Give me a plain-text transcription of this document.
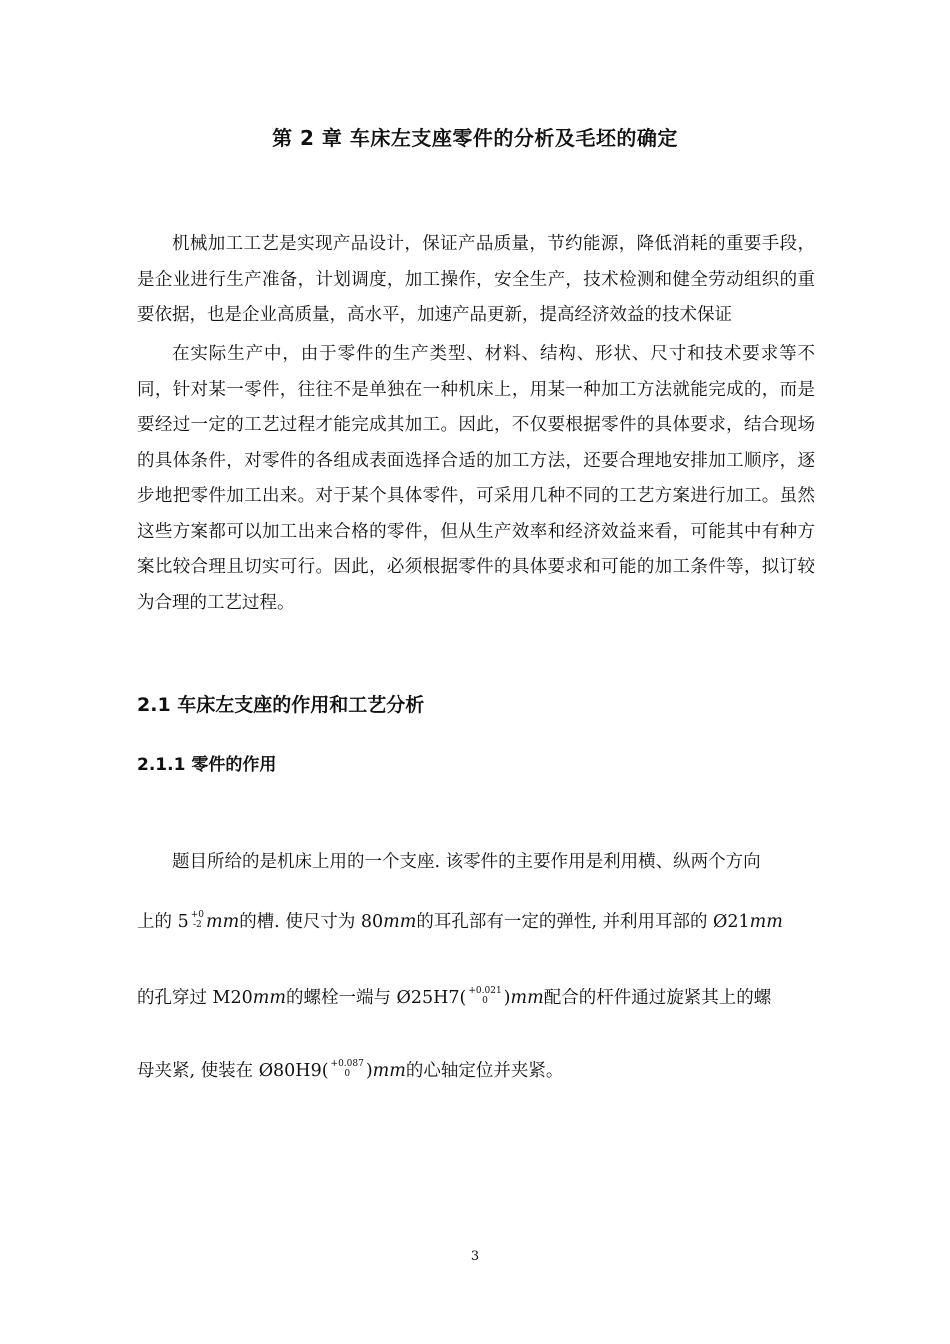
第 2 章 车床左支座零件的分析及毛坯的确定

机械加工工艺是实现产品设计，保证产品质量，节约能源，降低消耗的重要手段，是企业进行生产准备，计划调度，加工操作，安全生产，技术检测和健全劳动组织的重要依据，也是企业高质量，高水平，加速产品更新，提高经济效益的技术保证

在实际生产中，由于零件的生产类型、材料、结构、形状、尺寸和技术要求等不同，针对某一零件，往往不是单独在一种机床上，用某一种加工方法就能完成的，而是要经过一定的工艺过程才能完成其加工。因此，不仅要根据零件的具体要求，结合现场的具体条件，对零件的各组成表面选择合适的加工方法，还要合理地安排加工顺序，逐步地把零件加工出来。对于某个具体零件，可采用几种不同的工艺方案进行加工。虽然这些方案都可以加工出来合格的零件，但从生产效率和经济效益来看，可能其中有种方案比较合理且切实可行。因此，必须根据零件的具体要求和可能的加工条件等，拟订较为合理的工艺过程。

2.1 车床左支座的作用和工艺分析
2.1.1 零件的作用
题目所给的是机床上用的一个支座. 该零件的主要作用是利用横、纵两个方向
上的 5 +0
-2 mm的槽. 使尺寸为 80mm的耳孔部有一定的弹性, 并利用耳部的 Ø21mm
的孔穿过 M20mm的螺栓一端与 Ø25H7( +0.021
0 )mm配合的杆件通过旋紧其上的螺
母夹紧, 使装在 Ø80H9( +0.087
0 )mm的心轴定位并夹紧。
3
